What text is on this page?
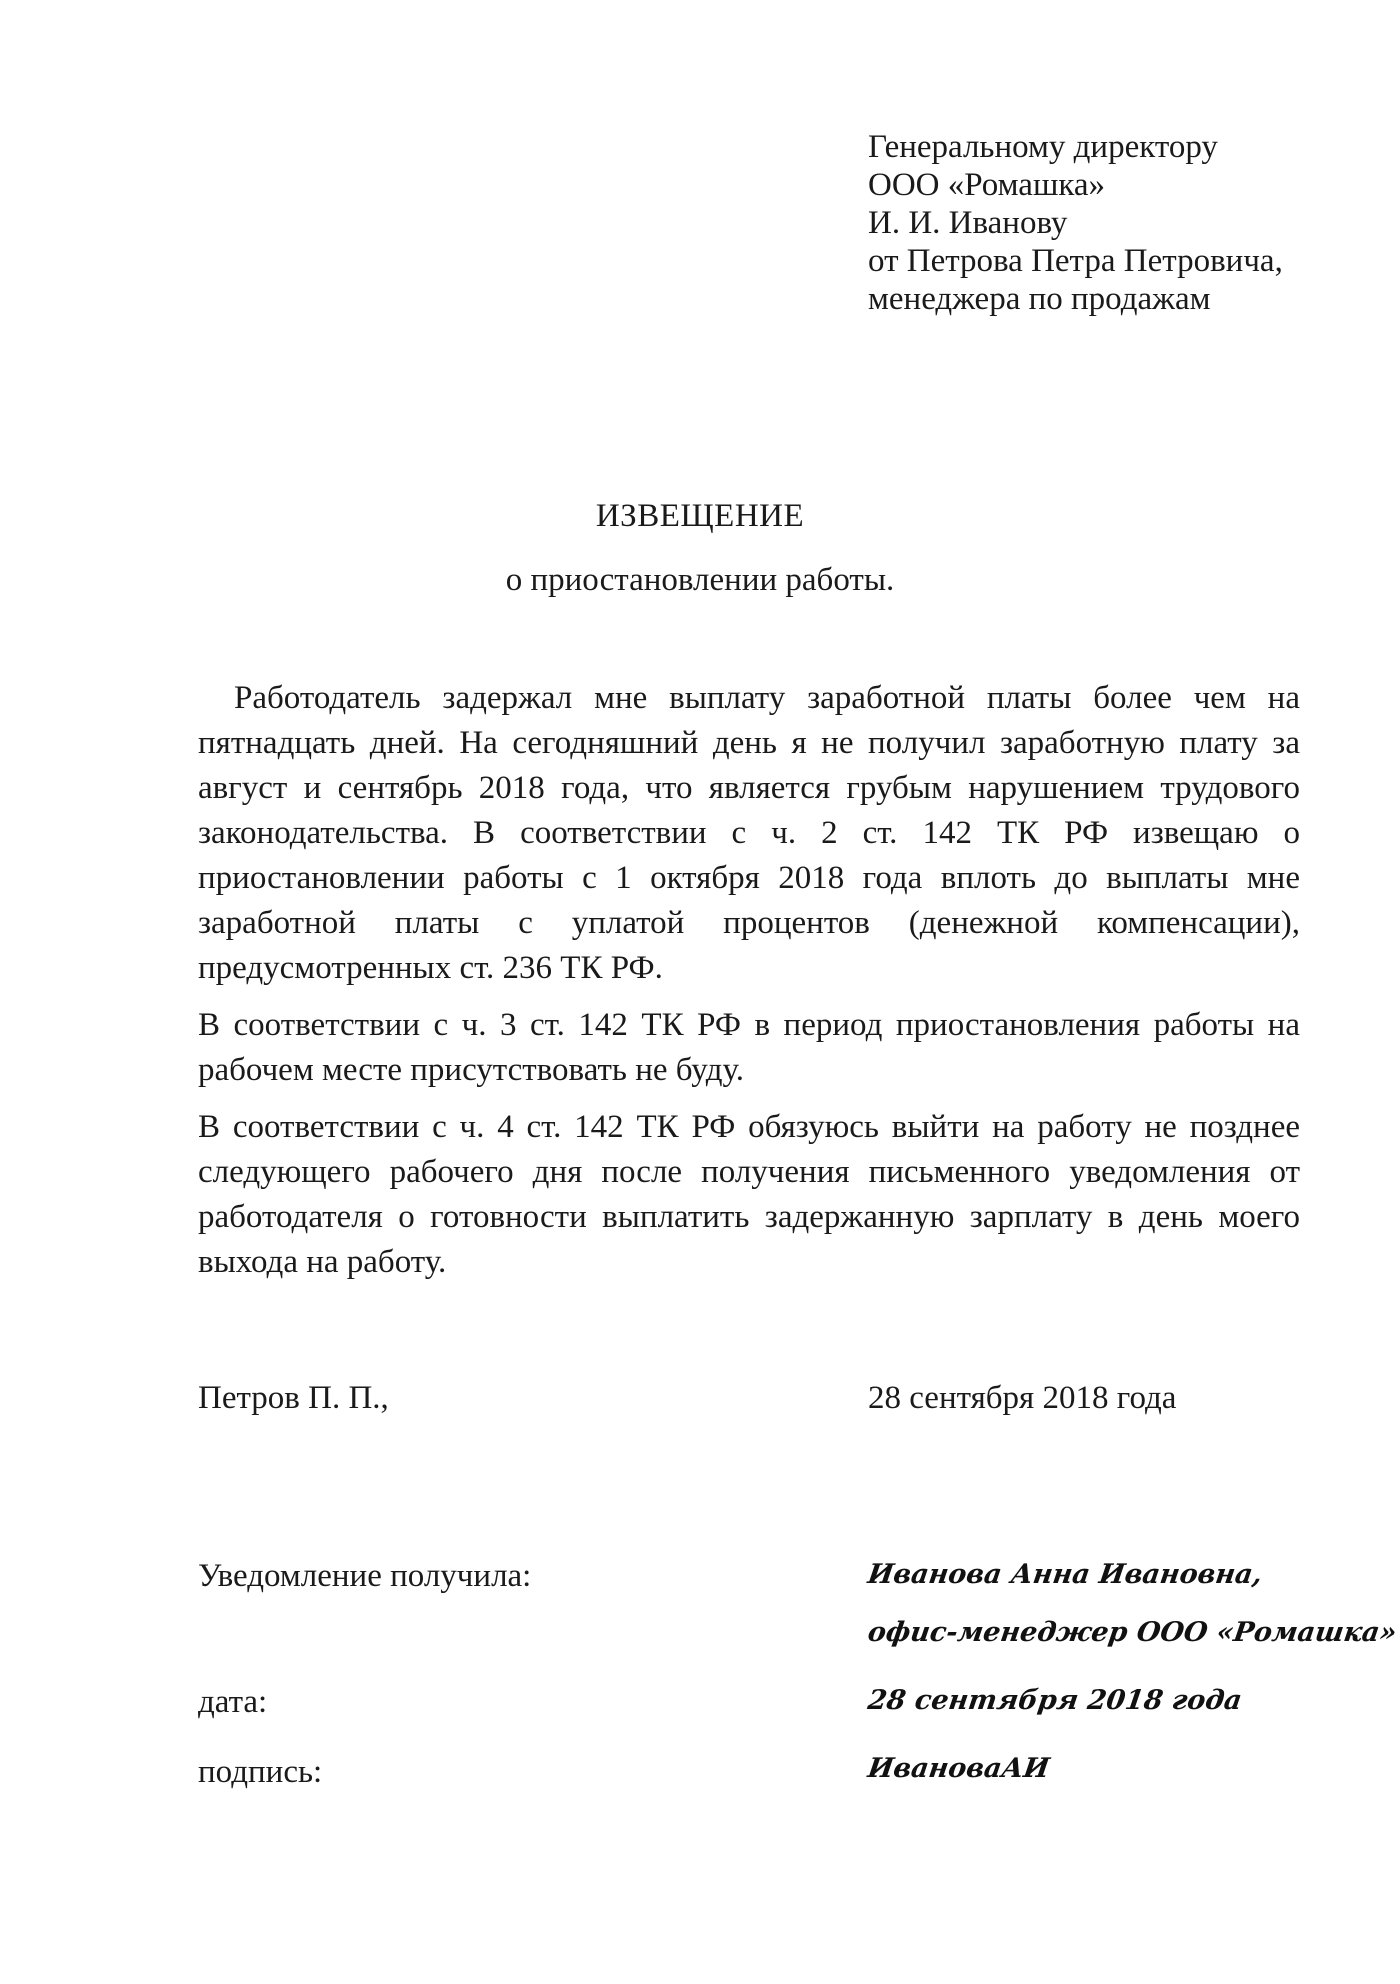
Генеральному директору
ООО «Ромашка»
И. И. Иванову
от Петрова Петра Петровича,
менеджера по продажам
ИЗВЕЩЕНИЕ
о приостановлении работы.

Работодатель задержал мне выплату заработной платы более чем на пятнадцать дней. На сегодняшний день я не получил заработную плату за август и сентябрь 2018 года, что является грубым нарушением трудового законодательства. В соответствии с ч. 2 ст. 142 ТК РФ извещаю о приостановлении работы с 1 октября 2018 года вплоть до выплаты мне заработной платы с уплатой процентов (денежной компенсации), предусмотренных ст. 236 ТК РФ.

В соответствии с ч. 3 ст. 142 ТК РФ в период приостановления работы на рабочем месте присутствовать не буду.

В соответствии с ч. 4 ст. 142 ТК РФ обязуюсь выйти на работу не позднее следующего рабочего дня после получения письменного уведомления от работодателя о готовности выплатить задержанную зарплату в день моего выхода на работу.

Петров П. П.,	28 сентября 2018 года
Уведомление получила:	Иванова Анна Ивановна,
офис-менеджер ООО «Ромашка»
дата:	28 сентября 2018 года
подпись:	ИвановаАИ
